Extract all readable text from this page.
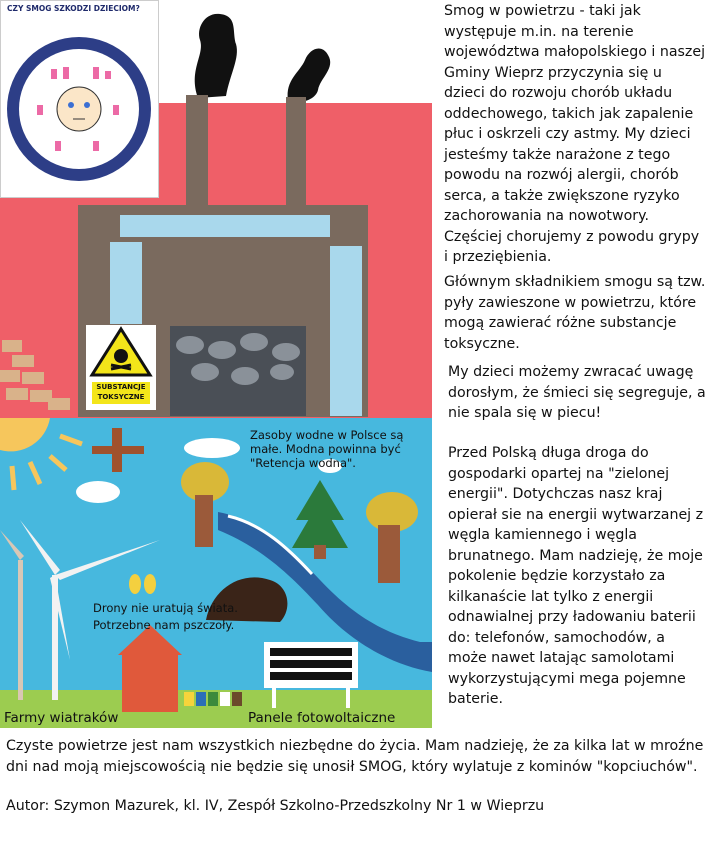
CZY SMOG SZKODZI DZIECIOM?
SUBSTANCJE TOKSYCZNE
Zasoby wodne w Polsce są małe. Modna powinna być "Retencja wodna".
Drony nie uratują świata.
Potrzebne nam pszczoły.
Farmy wiatraków	Panele fotowoltaiczne
Smog w powietrzu - taki jak występuje m.in. na terenie województwa małopolskiego i naszej Gminy Wieprz przyczynia się u dzieci do rozwoju chorób układu oddechowego, takich jak zapalenie płuc i oskrzeli czy astmy. My dzieci jesteśmy także narażone z tego powodu na rozwój alergii, chorób serca, a także zwiększone ryzyko zachorowania na nowotwory. Częściej chorujemy z powodu grypy i przeziębienia.
Głównym składnikiem smogu są tzw. pyły zawieszone w powietrzu, które mogą zawierać różne substancje toksyczne.
My dzieci możemy zwracać uwagę dorosłym, że śmieci się segreguje, a nie spala się w piecu!
Przed Polską długa droga do gospodarki opartej na "zielonej energii". Dotychczas nasz kraj opierał sie na energii wytwarzanej z węgla kamiennego i węgla brunatnego. Mam nadzieję, że moje pokolenie będzie korzystało za kilkanaście lat tylko z energii odnawialnej przy ładowaniu baterii do: telefonów, samochodów, a może nawet latając samolotami wykorzystującymi mega pojemne baterie.
Czyste powietrze jest nam wszystkich niezbędne do życia. Mam nadzieję, że za kilka lat w mroźne dni nad moją miejscowością nie będzie się unosił SMOG, który wylatuje z kominów "kopciuchów".
Autor: Szymon Mazurek, kl. IV, Zespół Szkolno-Przedszkolny Nr 1 w Wieprzu
